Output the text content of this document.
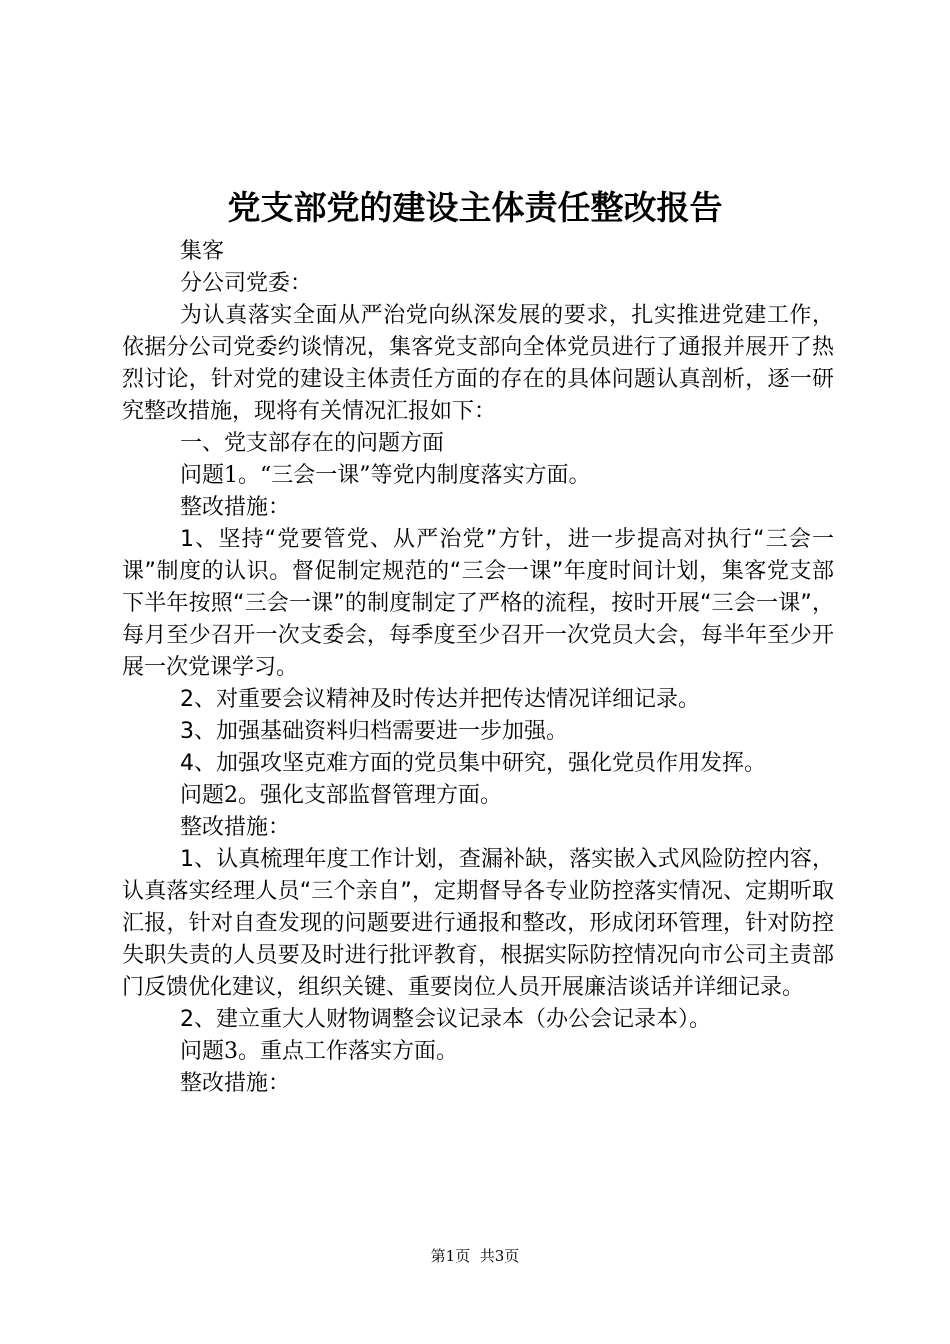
党支部党的建设主体责任整改报告

集客

分公司党委：

为认真落实全面从严治党向纵深发展的要求，扎实推进党建工作，依据分公司党委约谈情况，集客党支部向全体党员进行了通报并展开了热烈讨论，针对党的建设主体责任方面的存在的具体问题认真剖析，逐一研究整改措施，现将有关情况汇报如下：

一、党支部存在的问题方面

问题1。“三会一课”等党内制度落实方面。

整改措施：

1、坚持“党要管党、从严治党”方针，进一步提高对执行“三会一课”制度的认识。督促制定规范的“三会一课”年度时间计划，集客党支部下半年按照“三会一课”的制度制定了严格的流程，按时开展“三会一课”，每月至少召开一次支委会，每季度至少召开一次党员大会，每半年至少开展一次党课学习。

2、对重要会议精神及时传达并把传达情况详细记录。

3、加强基础资料归档需要进一步加强。

4、加强攻坚克难方面的党员集中研究，强化党员作用发挥。

问题2。强化支部监督管理方面。

整改措施：

1、认真梳理年度工作计划，查漏补缺，落实嵌入式风险防控内容，认真落实经理人员“三个亲自”，定期督导各专业防控落实情况、定期听取汇报，针对自查发现的问题要进行通报和整改，形成闭环管理，针对防控失职失责的人员要及时进行批评教育，根据实际防控情况向市公司主责部门反馈优化建议，组织关键、重要岗位人员开展廉洁谈话并详细记录。

2、建立重大人财物调整会议记录本（办公会记录本）。

问题3。重点工作落实方面。

整改措施：

第1页 共3页
